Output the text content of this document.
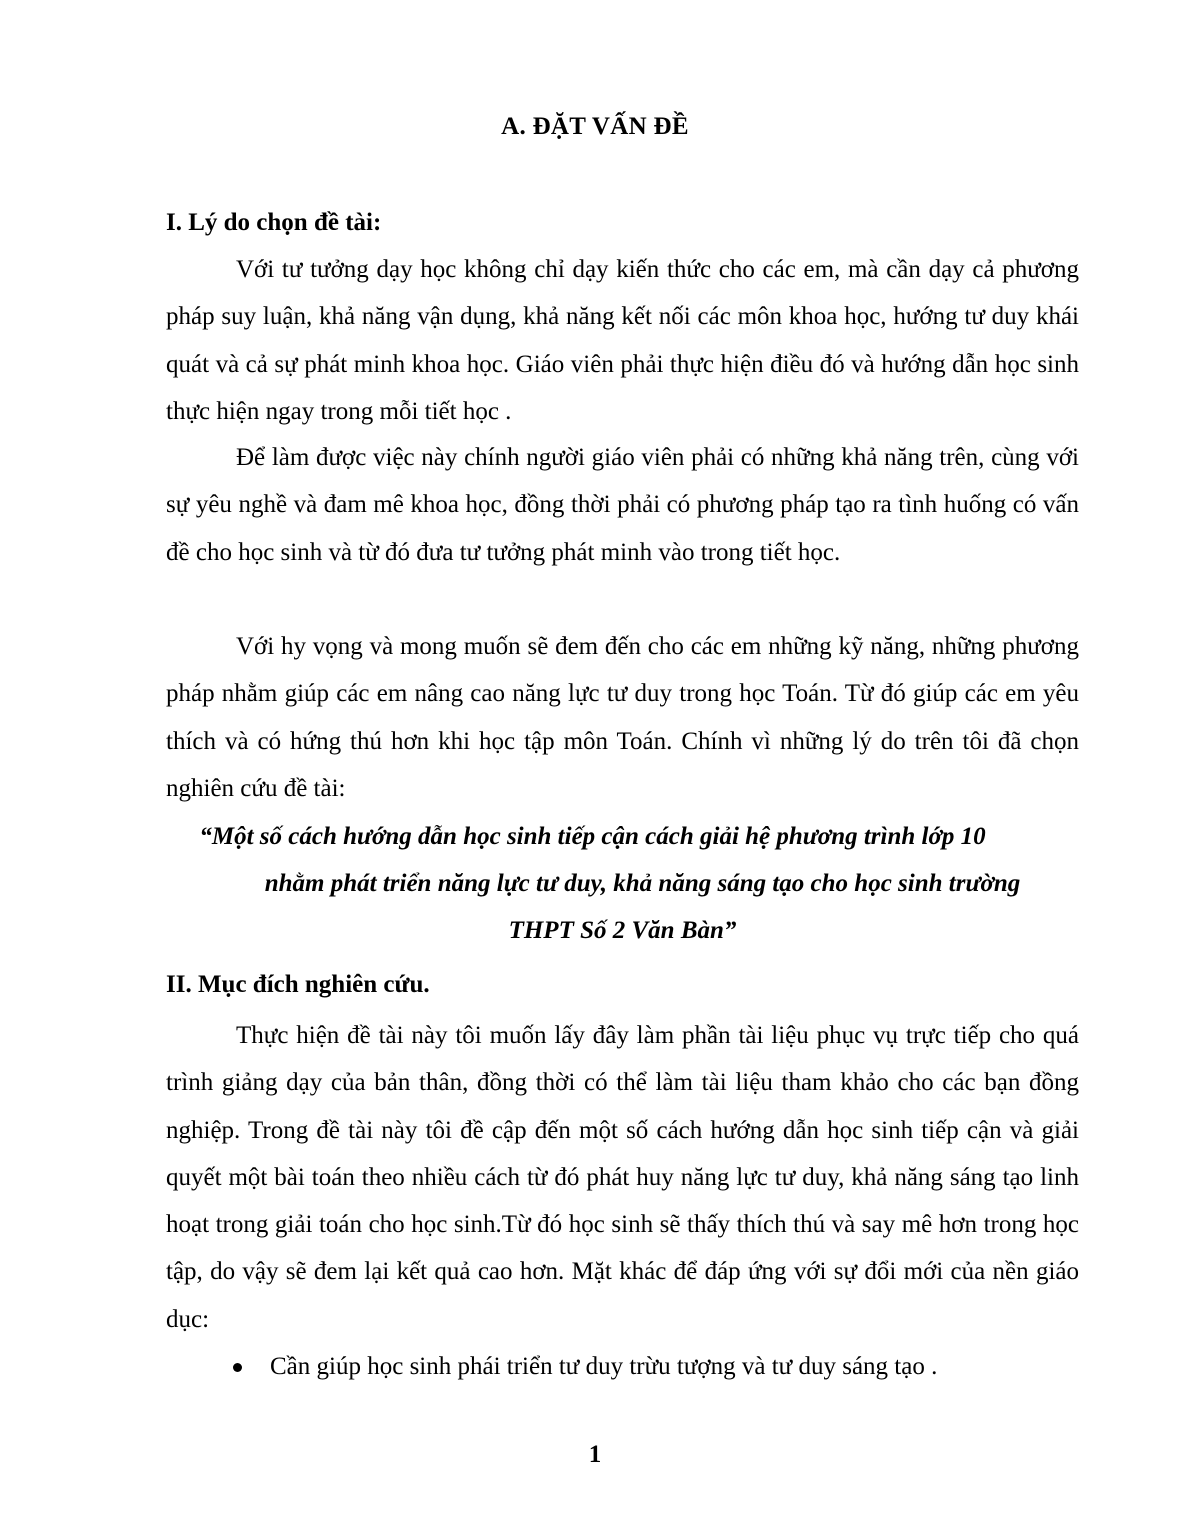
A. ĐẶT VẤN ĐỀ
I. Lý do chọn đề tài:

Với tư tưởng dạy học không chỉ dạy kiến thức cho các em, mà cần dạy cả phương pháp suy luận, khả năng vận dụng, khả năng kết nối các môn khoa học, hướng tư duy khái quát và cả sự phát minh khoa học. Giáo viên phải thực hiện điều đó và hướng dẫn học sinh thực hiện ngay trong mỗi tiết học .

Để làm được việc này chính người giáo viên phải có những khả năng trên, cùng với sự yêu nghề và đam mê khoa học, đồng thời phải có phương pháp tạo ra tình huống có vấn đề cho học sinh và từ đó đưa tư tưởng phát minh vào trong tiết học.

Với hy vọng và mong muốn sẽ đem đến cho các em những kỹ năng, những phương pháp nhằm giúp các em nâng cao năng lực tư duy trong học Toán. Từ đó giúp các em yêu thích và có hứng thú hơn khi học tập môn Toán. Chính vì những lý do trên tôi đã chọn nghiên cứu đề tài:

“Một số cách hướng dẫn học sinh tiếp cận cách giải hệ phương trình lớp 10
nhằm phát triển năng lực tư duy, khả năng sáng tạo cho học sinh trường
THPT Số 2 Văn Bàn”
II. Mục đích nghiên cứu.

Thực hiện đề tài này tôi muốn lấy đây làm phần tài liệu phục vụ trực tiếp cho quá trình giảng dạy của bản thân, đồng thời có thể làm tài liệu tham khảo cho các bạn đồng nghiệp. Trong đề tài này tôi đề cập đến một số cách hướng dẫn học sinh tiếp cận và giải quyết một bài toán theo nhiều cách từ đó phát huy năng lực tư duy, khả năng sáng tạo linh hoạt trong giải toán cho học sinh.Từ đó học sinh sẽ thấy thích thú và say mê hơn trong học tập, do vậy sẽ đem lại kết quả cao hơn. Mặt khác để đáp ứng với sự đổi mới của nền giáo dục:

Cần giúp học sinh phái triển tư duy trừu tượng và tư duy sáng tạo .
1
